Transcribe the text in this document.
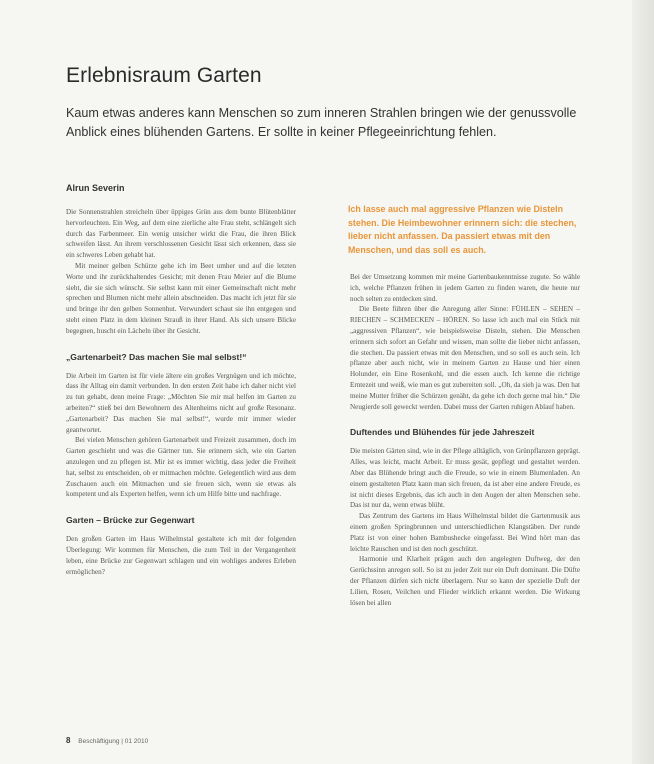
Erlebnisraum Garten

Kaum etwas anderes kann Menschen so zum inneren Strahlen bringen wie der genussvolle Anblick eines blühenden Gartens. Er sollte in keiner Pflegeeinrichtung fehlen.

Alrun Severin

Die Sonnenstrahlen streicheln über üppiges Grün aus dem bunte Blütenblätter hervorleuchten. Ein Weg, auf dem eine zierliche alte Frau steht, schlängelt sich durch das Farbenmeer. Ein wenig unsicher wirkt die Frau, die ihren Blick schweifen lässt. An ihrem verschlossenen Gesicht lässt sich erkennen, dass sie ein schweres Leben gehabt hat.

Mit meiner gelben Schürze gehe ich im Beet umher und auf die letzten Worte und ihr zurückhaltendes Gesicht; mit denen Frau Meier auf die Blume sieht, die sie sich wünscht. Sie selbst kann mit einer Gemeinschaft nicht mehr sprechen und Blumen nicht mehr allein abschneiden. Das macht ich jetzt für sie und bringe ihr den gelben Sonnenhut. Verwundert schaut sie ihn entgegen und steht einen Platz in dem kleinen Strauß in ihrer Hand. Als sich unsere Blicke begegnen, huscht ein Lächeln über ihr Gesicht.

„Gartenarbeit? Das machen Sie mal selbst!“

Die Arbeit im Garten ist für viele ältere ein großes Vergnügen und ich möchte, dass ihr Alltag ein damit verbunden. In den ersten Zeit habe ich daher nicht viel zu tun gehabt, denn meine Frage: „Möchten Sie mir mal helfen im Garten zu arbeiten?“ stieß bei den Bewohnern des Altenheims nicht auf große Resonanz. „Gartenarbeit? Das machen Sie mal selbst!“, wurde mir immer wieder geantwortet.

Bei vielen Menschen gehören Gartenarbeit und Freizeit zusammen, doch im Garten geschieht und was die Gärtner tun. Sie erinnern sich, wie ein Garten anzulegen und zu pflegen ist. Mir ist es immer wichtig, dass jeder die Freiheit hat, selbst zu entscheiden, ob er mitmachen möchte. Gelegentlich wird aus dem Zuschauen auch ein Mitmachen und sie freuen sich, wenn sie etwas als kompetent und als Experten helfen, wenn ich um Hilfe bitte und nachfrage.

Garten – Brücke zur Gegenwart

Den großen Garten im Haus Wilhelmstal gestaltete ich mit der folgenden Überlegung: Wir kommen für Menschen, die zum Teil in der Vergangenheit leben, eine Brücke zur Gegenwart schlagen und ein wohliges anderes Erleben ermöglichen?

Ich lasse auch mal aggressive Pflanzen wie Disteln stehen. Die Heimbewohner erinnern sich: die stechen, lieber nicht anfassen. Da passiert etwas mit den Menschen, und das soll es auch.

Bei der Umsetzung kommen mir meine Gartenbaukenntnisse zugute. So wähle ich, welche Pflanzen frühen in jedem Garten zu finden waren, die heute nur noch selten zu entdecken sind.

Die Beete führen über die Anregung aller Sinne: FÜHLEN – SEHEN – RIECHEN – SCHMECKEN – HÖREN. So lasse ich auch mal ein Stück mit „aggressiven Pflanzen“, wie beispielsweise Disteln, stehen. Die Menschen erinnern sich sofort an Gefahr und wissen, man sollte die lieber nicht anfassen, die stechen. Da passiert etwas mit den Menschen, und so soll es auch sein. Ich pflanze aber auch nicht, wie in meinem Garten zu Hause und hier einen Holunder, ein Eine Rosenkohl, und die essen auch. Ich kenne die richtige Erntezeit und weiß, wie man es gut zubereiten soll. „Oh, da sieh ja was. Den hat meine Mutter früher die Schürzen genäht, da gehe ich doch gerne mal hin.“ Die Neugierde soll geweckt werden. Dabei muss der Garten ruhigen Ablauf haben.

Duftendes und Blühendes für jede Jahreszeit

Die meisten Gärten sind, wie in der Pflege alltäglich, von Grünpflanzen geprägt. Alles, was leicht, macht Arbeit. Er muss gesät, gepflegt und gestaltet werden. Aber das Blühende bringt auch die Freude, so wie in einem Blumenladen. An einem gestalteten Platz kann man sich freuen, da ist aber eine andere Freude, es ist nicht dieses Ergebnis, das ich auch in den Augen der alten Menschen sehe. Das ist nur da, wenn etwas blüht.

Das Zentrum des Gartens im Haus Wilhelmstal bildet die Gartenmusik aus einem großen Springbrunnen und unterschiedlichen Klangstäben. Der runde Platz ist von einer hohen Bambushecke eingefasst. Bei Wind hört man das leichte Rauschen und ist den noch geschützt.

Harmonie und Klarheit prägen auch den angelegten Duftweg, der den Gerüchssinn anregen soll. So ist zu jeder Zeit nur ein Duft dominant. Die Düfte der Pflanzen dürfen sich nicht überlagern. Nur so kann der spezielle Duft der Lilien, Rosen, Veilchen und Flieder wirklich erkannt werden. Die Wirkung lösen bei allen

8 Beschäftigung | 01 2010
